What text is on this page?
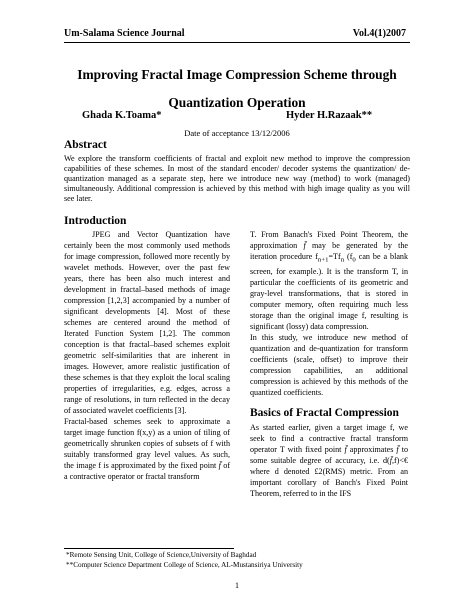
Um-Salama Science Journal	Vol.4(1)2007
Improving Fractal Image Compression Scheme through
Quantization Operation
Ghada K.Toama*	Hyder H.Razaak**
Date of acceptance 13/12/2006
Abstract
We explore the transform coefficients of fractal and exploit new method to improve the compression capabilities of these schemes. In most of the standard encoder/ decoder systems the quantization/ de-quantization managed as a separate step, here we introduce new way (method) to work (managed) simultaneously. Additional compression is achieved by this method with high image quality as you will see later.
Introduction

JPEG and Vector Quantization have certainly been the most commonly used methods for image compression, followed more recently by wavelet methods. However, over the past few years, there has been also much interest and development in fractal–based methods of image compression [1,2,3] accompanied by a number of significant developments [4]. Most of these schemes are centered around the method of Iterated Function System [1,2]. The common conception is that fractal–based schemes exploit geometric self-similarities that are inherent in images. However, amore realistic justification of these schemes is that they exploit the local scaling properties of irregularities, e.g. edges, across a range of resolutions, in turn reflected in the decay of associated wavelet coefficients [3].

Fractal-based schemes seek to approximate a target image function f(x,y) as a union of tiling of geometrically shrunken copies of subsets of f with suitably transformed gray level values. As such, the image f is approximated by the fixed point f̄ of a contractive operator or fractal transform

T. From Banach's Fixed Point Theorem, the approximation f̄ may be generated by the iteration procedure $f_{n+1}=Tf_n$ ($f_0$ can be a blank screen, for example.). It is the transform T, in particular the coefficients of its geometric and gray-level transformations, that is stored in computer memory, often requiring much less storage than the original image f, resulting is significant (lossy) data compression.

In this study, we introduce new method of quantization and de-quantization for transform coefficients (scale, offset) to improve their compression capabilities, an additional compression is achieved by this methods of the quantized coefficients.

Basics of Fractal Compression

As started earlier, given a target image f, we seek to find a contractive fractal transform operator T with fixed point f̄ approximates f̄ to some suitable degree of accuracy, i.e. d(f̄,f)<€ where d denoted £2(RMS) metric. From an important corollary of Banch's Fixed Point Theorem, referred to in the IFS

*Remote Sensing Unit, College of Science,University of Baghdad
**Computer Science Department College of Science, AL-Mustansiriya University
1
